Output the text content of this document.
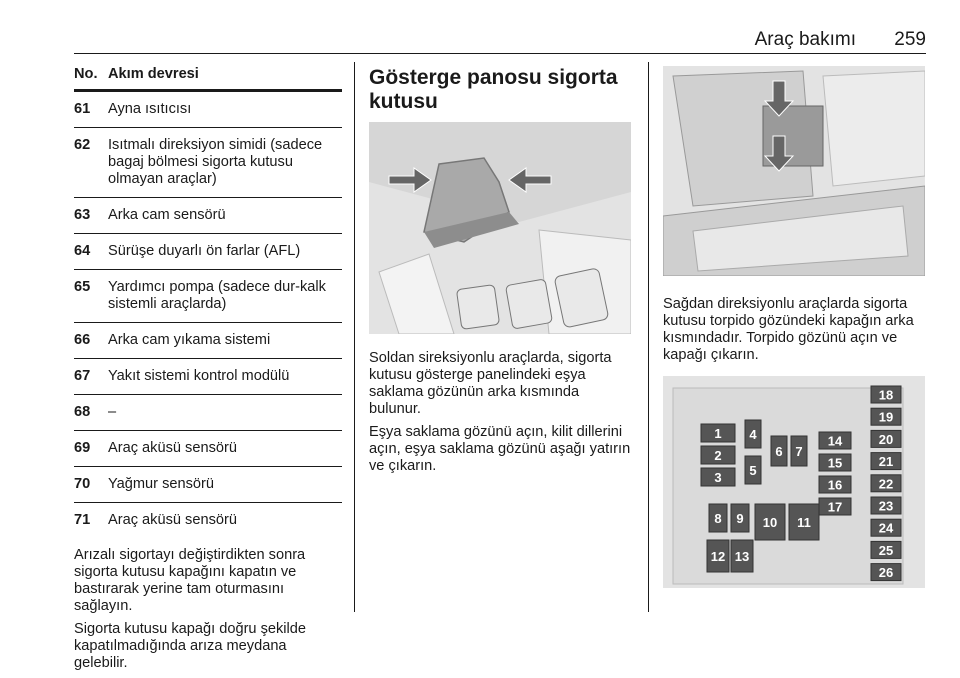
Araç bakımı 259
No. Akım devresi
61	Ayna ısıtıcısı
62	Isıtmalı direksiyon simidi (sadece bagaj bölmesi sigorta kutusu olmayan araçlar)
63	Arka cam sensörü
64	Sürüşe duyarlı ön farlar (AFL)
65	Yardımcı pompa (sadece dur-kalk sistemli araçlarda)
66	Arka cam yıkama sistemi
67	Yakıt sistemi kontrol modülü
68	–
69	Araç aküsü sensörü
70	Yağmur sensörü
71	Araç aküsü sensörü

Arızalı sigortayı değiştirdikten sonra sigorta kutusu kapağını kapatın ve bastırarak yerine tam oturmasını sağlayın.

Sigorta kutusu kapağı doğru şekilde kapatılmadığında arıza meydana gelebilir.

Gösterge panosu sigorta kutusu

Soldan sireksiyonlu araçlarda, sigorta kutusu gösterge panelindeki eşya saklama gözünün arka kısmında bulunur.

Eşya saklama gözünü açın, kilit dillerini açın, eşya saklama gözünü aşağı yatırın ve çıkarın.

Sağdan direksiyonlu araçlarda sigorta kutusu torpido gözündeki kapağın arka kısmındadır. Torpido gözünü açın ve kapağı çıkarın.
1
2
3
4
5
6 7
14
15
16
17
8 9
12 13
10 11
18
19
20
21
22
23
24
25
26
